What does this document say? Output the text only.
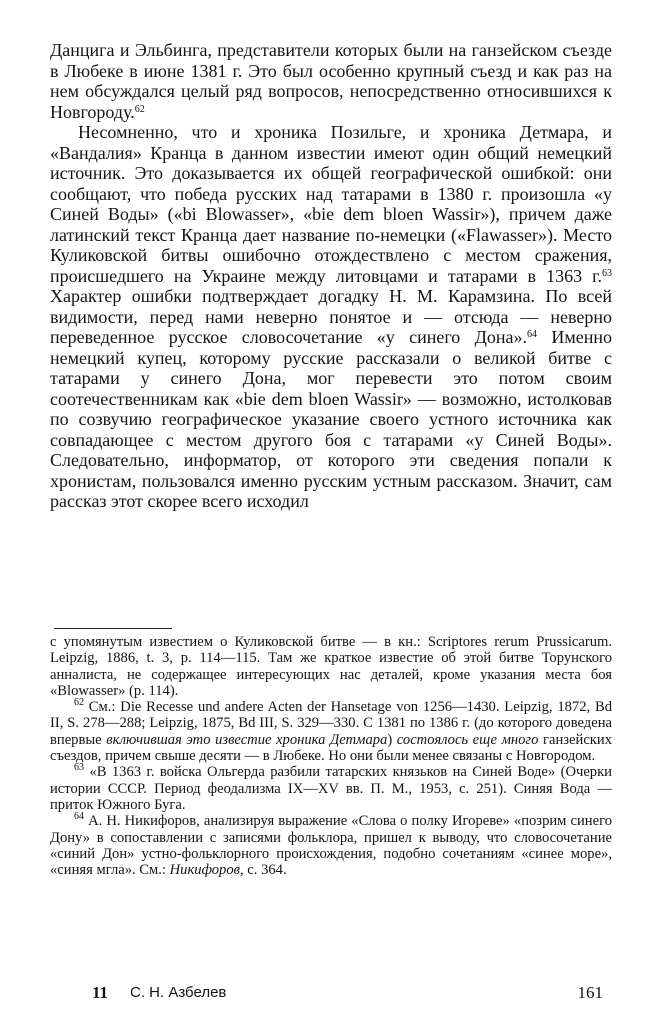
Данцига и Эльбинга, представители которых были на ганзейском съезде в Любеке в июне 1381 г. Это был особенно крупный съезд и как раз на нем обсуждался целый ряд вопросов, непосредственно относившихся к Новгороду.$^{62}$

Несомненно, что и хроника Позильге, и хроника Детмара, и «Вандалия» Кранца в данном известии имеют один общий немецкий источник. Это доказывается их общей географической ошибкой: они сообщают, что победа русских над татарами в 1380 г. произошла «у Синей Воды» («bi Blowasser», «bie dem bloen Wassir»), причем даже латинский текст Кранца дает название по-немецки («Flawasser»). Место Куликовской битвы ошибочно отождествлено с местом сражения, происшедшего на Украине между литовцами и татарами в 1363 г.$^{63}$ Характер ошибки подтверждает догадку Н. М. Карамзина. По всей видимости, перед нами неверно понятое и — отсюда — неверно переведенное русское словосочетание «у синего Дона».$^{64}$ Именно немецкий купец, которому русские рассказали о великой битве с татарами у синего Дона, мог перевести это потом своим соотечественникам как «bie dem bloen Wassir» — возможно, истолковав по созвучию географическое указание своего устного источника как совпадающее с местом другого боя с татарами «у Синей Воды». Следовательно, информатор, от которого эти сведения попали к хронистам, пользовался именно русским устным рассказом. Значит, сам рассказ этот скорее всего исходил

с упомянутым известием о Куликовской битве — в кн.: Scriptores rerum Prussicarum. Leipzig, 1886, t. 3, p. 114—115. Там же краткое известие об этой битве Торунского анналиста, не содержащее интересующих нас деталей, кроме указания места боя «Blowasser» (p. 114).

$^{62}$ См.: Die Recesse und andere Acten der Hansetage von 1256—1430. Leipzig, 1872, Bd II, S. 278—288; Leipzig, 1875, Bd III, S. 329—330. С 1381 по 1386 г. (до которого доведена впервые включившая это известие хроника Детмара) состоялось еще много ганзейских съездов, причем свыше десяти — в Любеке. Но они были менее связаны с Новгородом.

$^{63}$ «В 1363 г. войска Ольгерда разбили татарских князьков на Синей Воде» (Очерки истории СССР. Период феодализма IX—XV вв. П. М., 1953, с. 251). Синяя Вода — приток Южного Буга.

$^{64}$ А. Н. Никифоров, анализируя выражение «Слова о полку Игореве» «позрим синего Дону» в сопоставлении с записями фольклора, пришел к выводу, что словосочетание «синий Дон» устно-фольклорного происхождения, подобно сочетаниям «синее море», «синяя мгла». См.: Никифоров, с. 364.

11 С. Н. Азбелев	161
